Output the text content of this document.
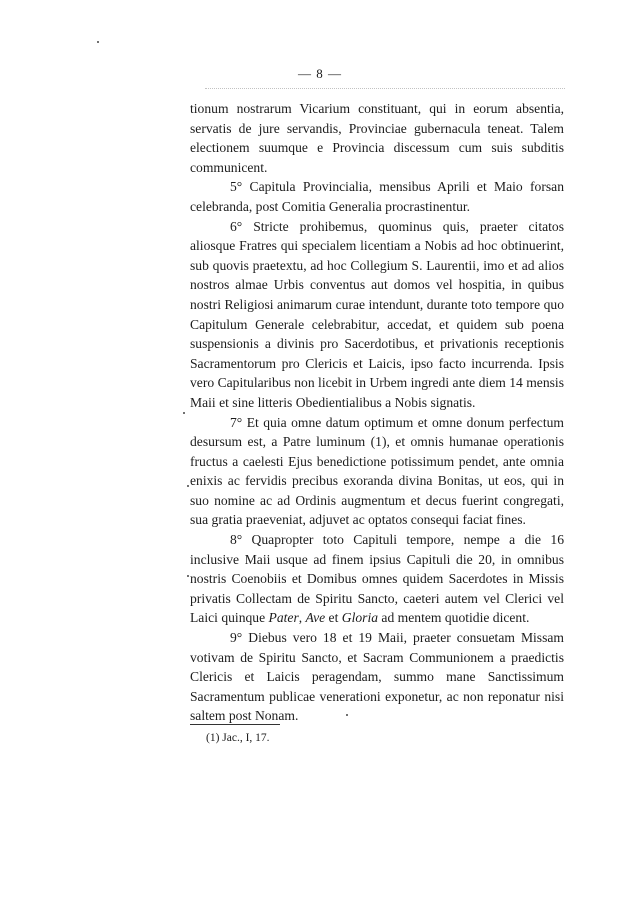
— 8 —

tionum nostrarum Vicarium constituant, qui in eorum absentia, servatis de jure servandis, Provinciae gubernacula teneat. Talem electionem suumque e Provincia discessum cum suis subditis communicent.

5° Capitula Provincialia, mensibus Aprili et Maio forsan celebranda, post Comitia Generalia procrastinentur.

6° Stricte prohibemus, quominus quis, praeter citatos aliosque Fratres qui specialem licentiam a Nobis ad hoc obtinuerint, sub quovis praetextu, ad hoc Collegium S. Laurentii, imo et ad alios nostros almae Urbis conventus aut domos vel hospitia, in quibus nostri Religiosi animarum curae intendunt, durante toto tempore quo Capitulum Generale celebrabitur, accedat, et quidem sub poena suspensionis a divinis pro Sacerdotibus, et privationis receptionis Sacramentorum pro Clericis et Laicis, ipso facto incurrenda. Ipsis vero Capitularibus non licebit in Urbem ingredi ante diem 14 mensis Maii et sine litteris Obedientialibus a Nobis signatis.

7° Et quia omne datum optimum et omne donum perfectum desursum est, a Patre luminum (1), et omnis humanae operationis fructus a caelesti Ejus benedictione potissimum pendet, ante omnia enixis ac fervidis precibus exoranda divina Bonitas, ut eos, qui in suo nomine ac ad Ordinis augmentum et decus fuerint congregati, sua gratia praeveniat, adjuvet ac optatos consequi faciat fines.

8° Quapropter toto Capituli tempore, nempe a die 16 inclusive Maii usque ad finem ipsius Capituli die 20, in omnibus nostris Coenobiis et Domibus omnes quidem Sacerdotes in Missis privatis Collectam de Spiritu Sancto, caeteri autem vel Clerici vel Laici quinque Pater, Ave et Gloria ad mentem quotidie dicent.

9° Diebus vero 18 et 19 Maii, praeter consuetam Missam votivam de Spiritu Sancto, et Sacram Communionem a praedictis Clericis et Laicis peragendam, summo mane Sanctissimum Sacramentum publicae venerationi exponetur, ac non reponatur nisi saltem post Nonam.

(1) Jac., I, 17.
